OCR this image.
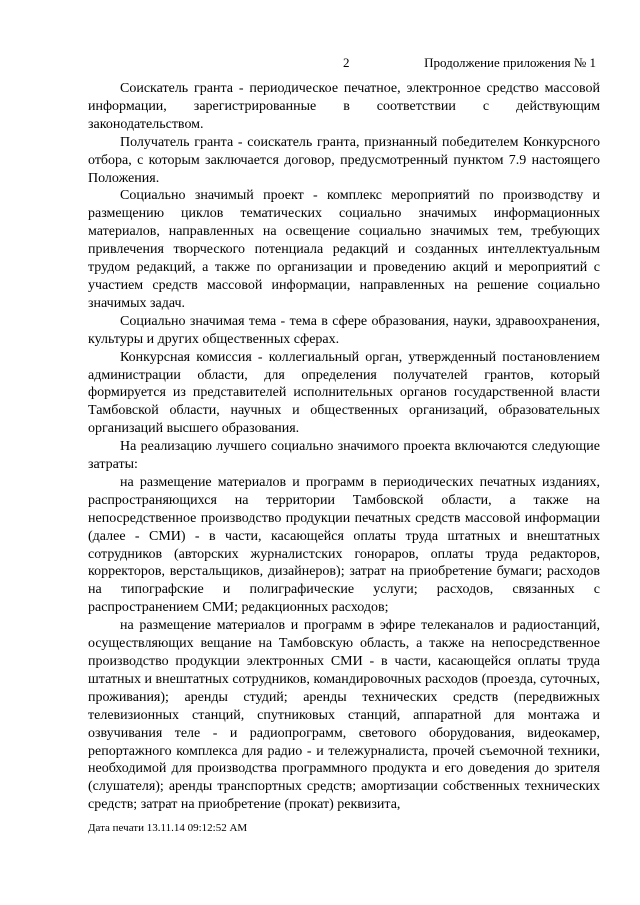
2	Продолжение приложения № 1

Соискатель гранта - периодическое печатное, электронное средство массовой информации, зарегистрированные в соответствии с действующим законодательством.

Получатель гранта - соискатель гранта, признанный победителем Конкурсного отбора, с которым заключается договор, предусмотренный пунктом 7.9 настоящего Положения.

Социально значимый проект - комплекс мероприятий по производству и размещению циклов тематических социально значимых информационных материалов, направленных на освещение социально значимых тем, требующих привлечения творческого потенциала редакций и созданных интеллектуальным трудом редакций, а также по организации и проведению акций и мероприятий с участием средств массовой информации, направленных на решение социально значимых задач.

Социально значимая тема - тема в сфере образования, науки, здравоохранения, культуры и других общественных сферах.

Конкурсная комиссия - коллегиальный орган, утвержденный постановлением администрации области, для определения получателей грантов, который формируется из представителей исполнительных органов государственной власти Тамбовской области, научных и общественных организаций, образовательных организаций высшего образования.

На реализацию лучшего социально значимого проекта включаются следующие затраты:

на размещение материалов и программ в периодических печатных изданиях, распространяющихся на территории Тамбовской области, а также на непосредственное производство продукции печатных средств массовой информации (далее - СМИ) - в части, касающейся оплаты труда штатных и внештатных сотрудников (авторских журналистских гонораров, оплаты труда редакторов, корректоров, верстальщиков, дизайнеров); затрат на приобретение бумаги; расходов на типографские и полиграфические услуги; расходов, связанных с распространением СМИ; редакционных расходов;

на размещение материалов и программ в эфире телеканалов и радиостанций, осуществляющих вещание на Тамбовскую область, а также на непосредственное производство продукции электронных СМИ - в части, касающейся оплаты труда штатных и внештатных сотрудников, командировочных расходов (проезда, суточных, проживания); аренды студий; аренды технических средств (передвижных телевизионных станций, спутниковых станций, аппаратной для монтажа и озвучивания теле - и радиопрограмм, светового оборудования, видеокамер, репортажного комплекса для радио - и тележурналиста, прочей съемочной техники, необходимой для производства программного продукта и его доведения до зрителя (слушателя); аренды транспортных средств; амортизации собственных технических средств; затрат на приобретение (прокат) реквизита,

Дата печати 13.11.14 09:12:52 AM
